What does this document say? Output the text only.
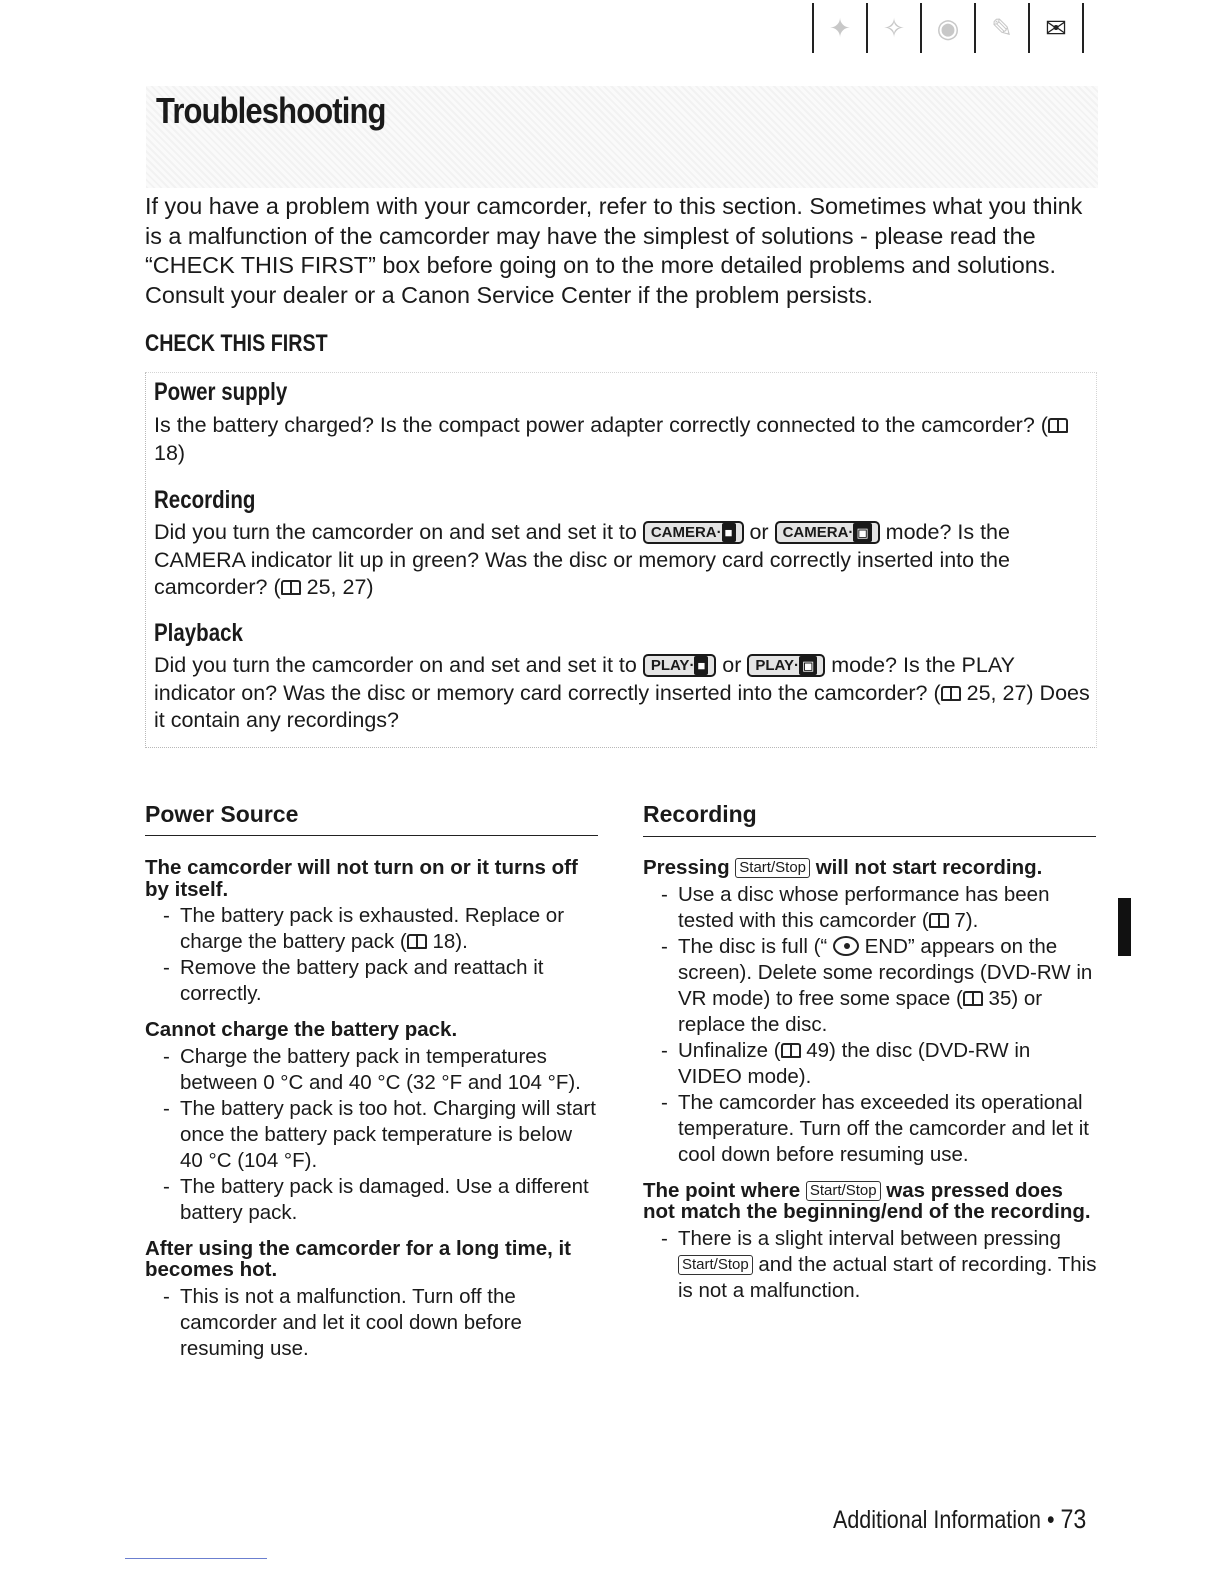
✦	✧	◉	✎	✉
Troubleshooting
If you have a problem with your camcorder, refer to this section. Sometimes what you think is a malfunction of the camcorder may have the simplest of solutions - please read the “CHECK THIS FIRST” box before going on to the more detailed problems and solutions. Consult your dealer or a Canon Service Center if the problem persists.
CHECK THIS FIRST
Power supply
Is the battery charged? Is the compact power adapter correctly connected to the camcorder? ( 18)
Recording
Did you turn the camcorder on and set and set it to CAMERA· ■ or CAMERA· ▣ mode? Is the CAMERA indicator lit up in green? Was the disc or memory card correctly inserted into the camcorder? ( 25, 27)
Playback
Did you turn the camcorder on and set and set it to PLAY· ■ or PLAY· ▣ mode? Is the PLAY indicator on? Was the disc or memory card correctly inserted into the camcorder? ( 25, 27) Does it contain any recordings?
Power Source
The camcorder will not turn on or it turns off by itself.
- The battery pack is exhausted. Replace or charge the battery pack ( 18).
- Remove the battery pack and reattach it correctly.
Cannot charge the battery pack.
- Charge the battery pack in temperatures between 0 °C and 40 °C (32 °F and 104 °F).
- The battery pack is too hot. Charging will start once the battery pack temperature is below 40 °C (104 °F).
- The battery pack is damaged. Use a different battery pack.
After using the camcorder for a long time, it becomes hot.
- This is not a malfunction. Turn off the camcorder and let it cool down before resuming use.
Recording
Pressing Start/Stop will not start recording.
- Use a disc whose performance has been tested with this camcorder ( 7).
- The disc is full (“  END” appears on the screen). Delete some recordings (DVD-RW in VR mode) to free some space ( 35) or replace the disc.
- Unfinalize ( 49) the disc (DVD-RW in VIDEO mode).
- The camcorder has exceeded its operational temperature. Turn off the camcorder and let it cool down before resuming use.
The point where Start/Stop was pressed does not match the beginning/end of the recording.
- There is a slight interval between pressing Start/Stop and the actual start of recording. This is not a malfunction.
Additional Information • 73
